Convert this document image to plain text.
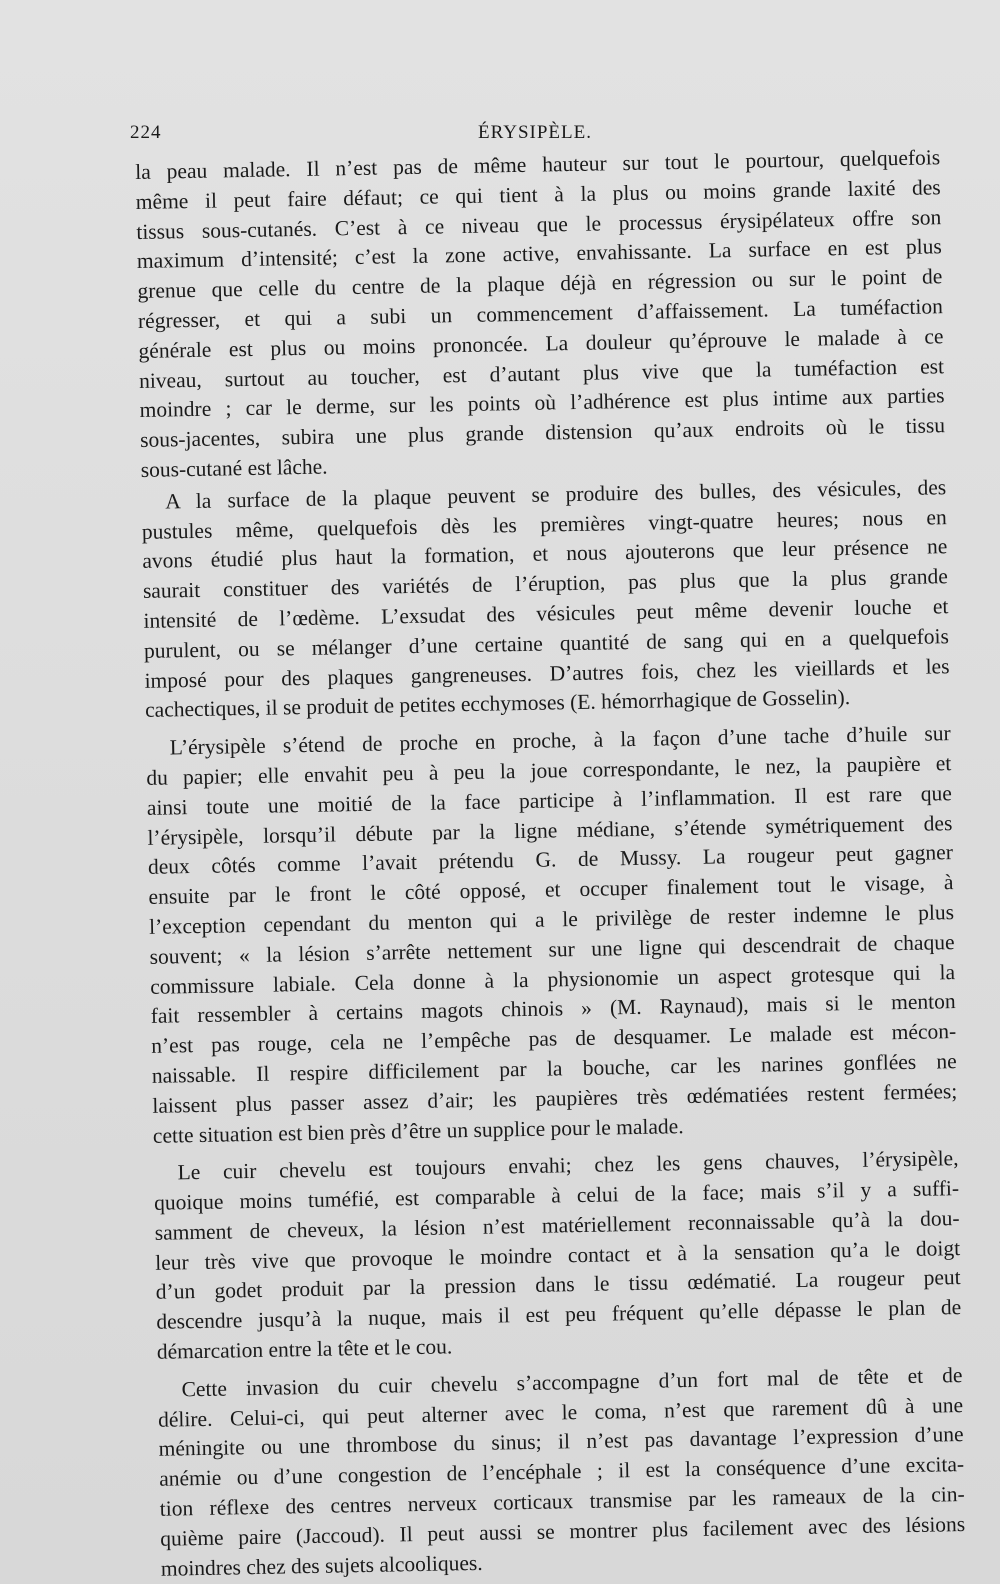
224	ÉRYSIPÈLE.
la peau malade. Il n’est pas de même hauteur sur tout le pourtour, quelquefois
même il peut faire défaut; ce qui tient à la plus ou moins grande laxité des
tissus sous-cutanés. C’est à ce niveau que le processus érysipélateux offre son
maximum d’intensité; c’est la zone active, envahissante. La surface en est plus
grenue que celle du centre de la plaque déjà en régression ou sur le point de
régresser, et qui a subi un commencement d’affaissement. La tuméfaction
générale est plus ou moins prononcée. La douleur qu’éprouve le malade à ce
niveau, surtout au toucher, est d’autant plus vive que la tuméfaction est
moindre ; car le derme, sur les points où l’adhérence est plus intime aux parties
sous-jacentes, subira une plus grande distension qu’aux endroits où le tissu
sous-cutané est lâche.
A la surface de la plaque peuvent se produire des bulles, des vésicules, des
pustules même, quelquefois dès les premières vingt-quatre heures; nous en
avons étudié plus haut la formation, et nous ajouterons que leur présence ne
saurait constituer des variétés de l’éruption, pas plus que la plus grande
intensité de l’œdème. L’exsudat des vésicules peut même devenir louche et
purulent, ou se mélanger d’une certaine quantité de sang qui en a quelquefois
imposé pour des plaques gangreneuses. D’autres fois, chez les vieillards et les
cachectiques, il se produit de petites ecchymoses (E. hémorrhagique de Gosselin).
L’érysipèle s’étend de proche en proche, à la façon d’une tache d’huile sur
du papier; elle envahit peu à peu la joue correspondante, le nez, la paupière et
ainsi toute une moitié de la face participe à l’inflammation. Il est rare que
l’érysipèle, lorsqu’il débute par la ligne médiane, s’étende symétriquement des
deux côtés comme l’avait prétendu G. de Mussy. La rougeur peut gagner
ensuite par le front le côté opposé, et occuper finalement tout le visage, à
l’exception cependant du menton qui a le privilège de rester indemne le plus
souvent; « la lésion s’arrête nettement sur une ligne qui descendrait de chaque
commissure labiale. Cela donne à la physionomie un aspect grotesque qui la
fait ressembler à certains magots chinois » (M. Raynaud), mais si le menton
n’est pas rouge, cela ne l’empêche pas de desquamer. Le malade est mécon-
naissable. Il respire difficilement par la bouche, car les narines gonflées ne
laissent plus passer assez d’air; les paupières très œdématiées restent fermées;
cette situation est bien près d’être un supplice pour le malade.
Le cuir chevelu est toujours envahi; chez les gens chauves, l’érysipèle,
quoique moins tuméfié, est comparable à celui de la face; mais s’il y a suffi-
samment de cheveux, la lésion n’est matériellement reconnaissable qu’à la dou-
leur très vive que provoque le moindre contact et à la sensation qu’a le doigt
d’un godet produit par la pression dans le tissu œdématié. La rougeur peut
descendre jusqu’à la nuque, mais il est peu fréquent qu’elle dépasse le plan de
démarcation entre la tête et le cou.
Cette invasion du cuir chevelu s’accompagne d’un fort mal de tête et de
délire. Celui-ci, qui peut alterner avec le coma, n’est que rarement dû à une
méningite ou une thrombose du sinus; il n’est pas davantage l’expression d’une
anémie ou d’une congestion de l’encéphale ; il est la conséquence d’une excita-
tion réflexe des centres nerveux corticaux transmise par les rameaux de la cin-
quième paire (Jaccoud). Il peut aussi se montrer plus facilement avec des lésions
moindres chez des sujets alcooliques.
